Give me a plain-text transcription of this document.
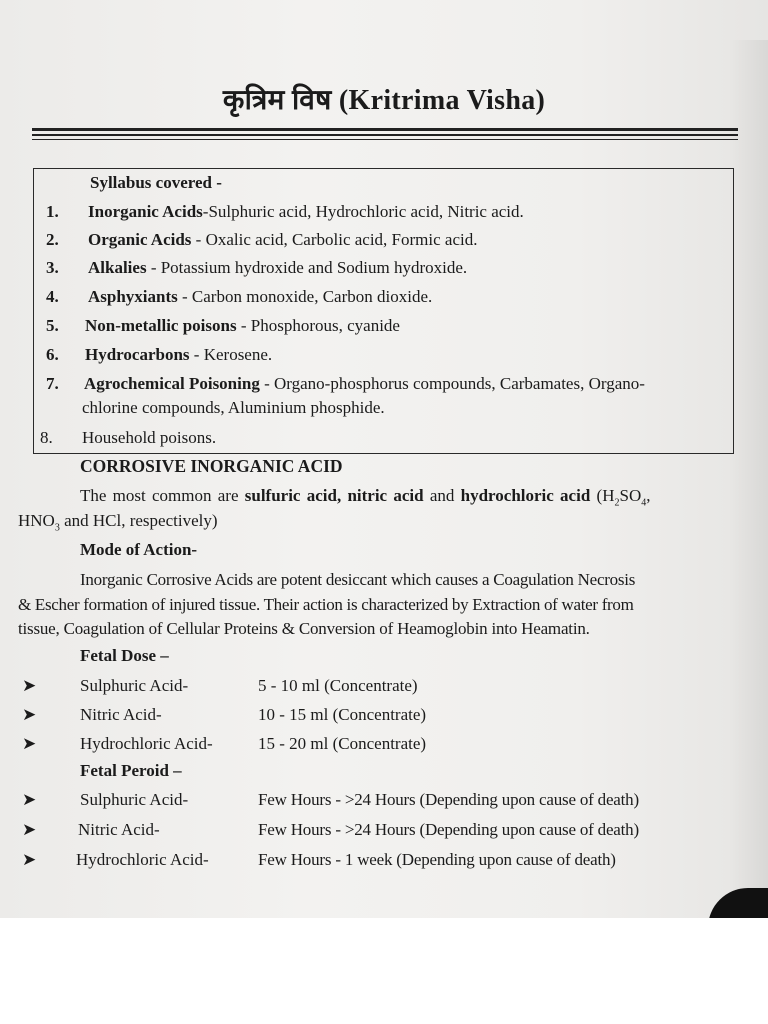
कृत्रिम विष (Kritrima Visha)
Syllabus covered -
1. Inorganic Acids-Sulphuric acid, Hydrochloric acid, Nitric acid.
2. Organic Acids - Oxalic acid, Carbolic acid, Formic acid.
3. Alkalies - Potassium hydroxide and Sodium hydroxide.
4. Asphyxiants - Carbon monoxide, Carbon dioxide.
5. Non-metallic poisons - Phosphorous, cyanide
6. Hydrocarbons - Kerosene.
7. Agrochemical Poisoning - Organo-phosphorus compounds, Carbamates, Organo-
chlorine compounds, Aluminium phosphide.
8. Household poisons.
CORROSIVE INORGANIC ACID
The most common are sulfuric acid, nitric acid and hydrochloric acid ($H_2SO_4$,
$HNO_3$ and HCl, respectively)
Mode of Action-
Inorganic Corrosive Acids are potent desiccant which causes a Coagulation Necrosis
& Escher formation of injured tissue. Their action is characterized by Extraction of water from
tissue, Coagulation of Cellular Proteins & Conversion of Heamoglobin into Heamatin.
Fetal Dose –
➤	Sulphuric Acid-	5 - 10 ml (Concentrate)
➤	Nitric Acid-	10 - 15 ml (Concentrate)
➤	Hydrochloric Acid-	15 - 20 ml (Concentrate)
Fetal Peroid –
➤	Sulphuric Acid-	Few Hours - >24 Hours (Depending upon cause of death)
➤ Nitric Acid-	Few Hours - >24 Hours (Depending upon cause of death)
➤ Hydrochloric Acid-	Few Hours - 1 week (Depending upon cause of death)
